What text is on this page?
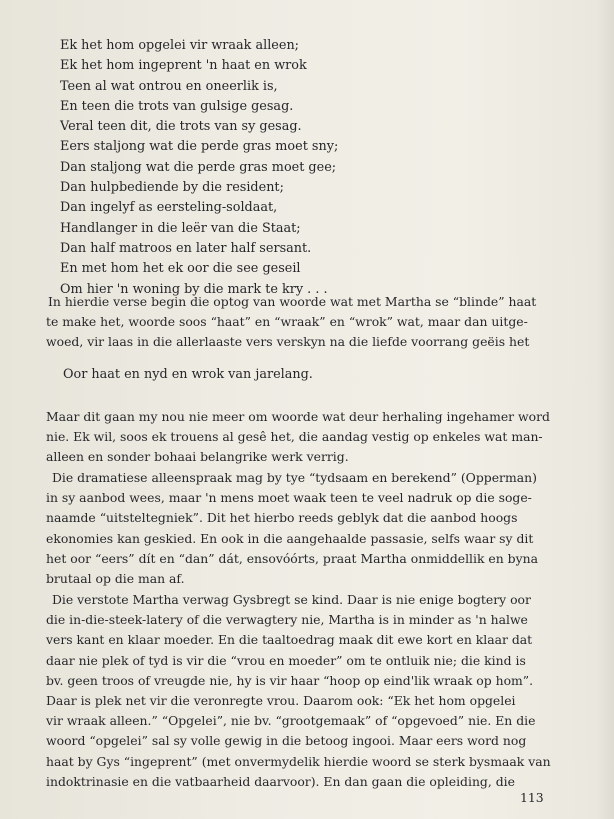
Ek het hom opgelei vir wraak alleen;
Ek het hom ingeprent 'n haat en wrok
Teen al wat ontrou en oneerlik is,
En teen die trots van gulsige gesag.
Veral teen dit, die trots van sy gesag.
Eers staljong wat die perde gras moet sny;
Dan staljong wat die perde gras moet gee;
Dan hulpbediende by die resident;
Dan ingelyf as eersteling-soldaat,
Handlanger in die leër van die Staat;
Dan half matroos en later half sersant.
En met hom het ek oor die see geseil
Om hier 'n woning by die mark te kry . . .
In hierdie verse begin die optog van woorde wat met Martha se “blinde” haat
te make het, woorde soos “haat” en “wraak” en “wrok” wat, maar dan uitge-
woed, vir laas in die allerlaaste vers verskyn na die liefde voorrang geëis het
Oor haat en nyd en wrok van jarelang.
Maar dit gaan my nou nie meer om woorde wat deur herhaling ingehamer word
nie. Ek wil, soos ek trouens al gesê het, die aandag vestig op enkeles wat man-
alleen en sonder bohaai belangrike werk verrig.
Die dramatiese alleenspraak mag by tye “tydsaam en berekend” (Opperman)
in sy aanbod wees, maar 'n mens moet waak teen te veel nadruk op die soge-
naamde “uitsteltegniek”. Dit het hierbo reeds geblyk dat die aanbod hoogs
ekonomies kan geskied. En ook in die aangehaalde passasie, selfs waar sy dit
het oor “eers” dít en “dan” dát, ensovóórts, praat Martha onmiddellik en byna
brutaal op die man af.
Die verstote Martha verwag Gysbregt se kind. Daar is nie enige bogtery oor
die in-die-steek-latery of die verwagtery nie, Martha is in minder as 'n halwe
vers kant en klaar moeder. En die taaltoedrag maak dit ewe kort en klaar dat
daar nie plek of tyd is vir die “vrou en moeder” om te ontluik nie; die kind is
bv. geen troos of vreugde nie, hy is vir haar “hoop op eind'lik wraak op hom”.
Daar is plek net vir die veronregte vrou. Daarom ook: “Ek het hom opgelei
vir wraak alleen.” “Opgelei”, nie bv. “grootgemaak” of “opgevoed” nie. En die
woord “opgelei” sal sy volle gewig in die betoog ingooi. Maar eers word nog
haat by Gys “ingeprent” (met onvermydelik hierdie woord se sterk bysmaak van
indoktrinasie en die vatbaarheid daarvoor). En dan gaan die opleiding, die
113
